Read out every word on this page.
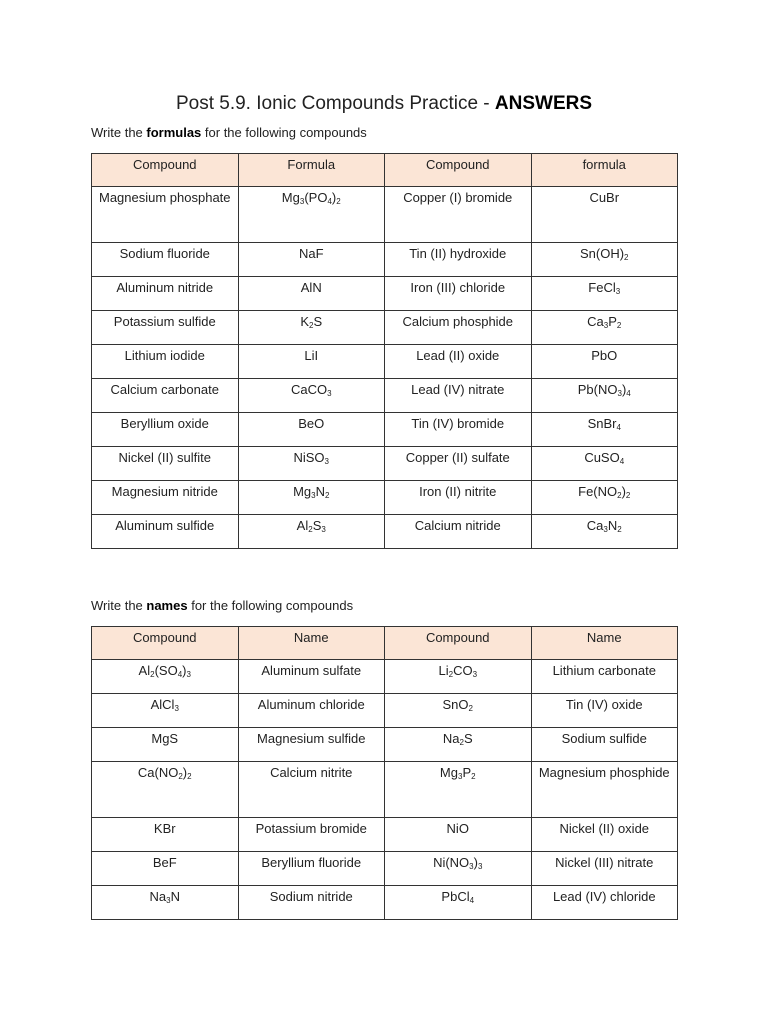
Post 5.9. Ionic Compounds Practice - ANSWERS
Write the formulas for the following compounds
Compound	Formula	Compound	formula
Magnesium phosphate	$Mg_3(PO_4)_2$	Copper (I) bromide	CuBr
Sodium fluoride	NaF	Tin (II) hydroxide	$Sn(OH)_2$
Aluminum nitride	AlN	Iron (III) chloride	FeCl$_3$
Potassium sulfide	$K_2S$	Calcium phosphide	$Ca_3P_2$
Lithium iodide	LiI	Lead (II) oxide	PbO
Calcium carbonate	CaCO$_3$	Lead (IV) nitrate	$Pb(NO_3)_4$
Beryllium oxide	BeO	Tin (IV) bromide	SnBr$_4$
Nickel (II) sulfite	NiSO$_3$	Copper (II) sulfate	CuSO$_4$
Magnesium nitride	$Mg_3N_2$	Iron (II) nitrite	$Fe(NO_2)_2$
Aluminum sulfide	$Al_2S_3$	Calcium nitride	$Ca_3N_2$
Write the names for the following compounds
Compound	Name	Compound	Name
$Al_2(SO_4)_3$	Aluminum sulfate	$Li_2CO_3$	Lithium carbonate
AlCl$_3$	Aluminum chloride	SnO$_2$	Tin (IV) oxide
MgS	Magnesium sulfide	$Na_2S$	Sodium sulfide
$Ca(NO_2)_2$	Calcium nitrite	$Mg_3P_2$	Magnesium phosphide
KBr	Potassium bromide	NiO	Nickel (II) oxide
BeF	Beryllium fluoride	$Ni(NO_3)_3$	Nickel (III) nitrate
$Na_3N$	Sodium nitride	PbCl$_4$	Lead (IV) chloride
